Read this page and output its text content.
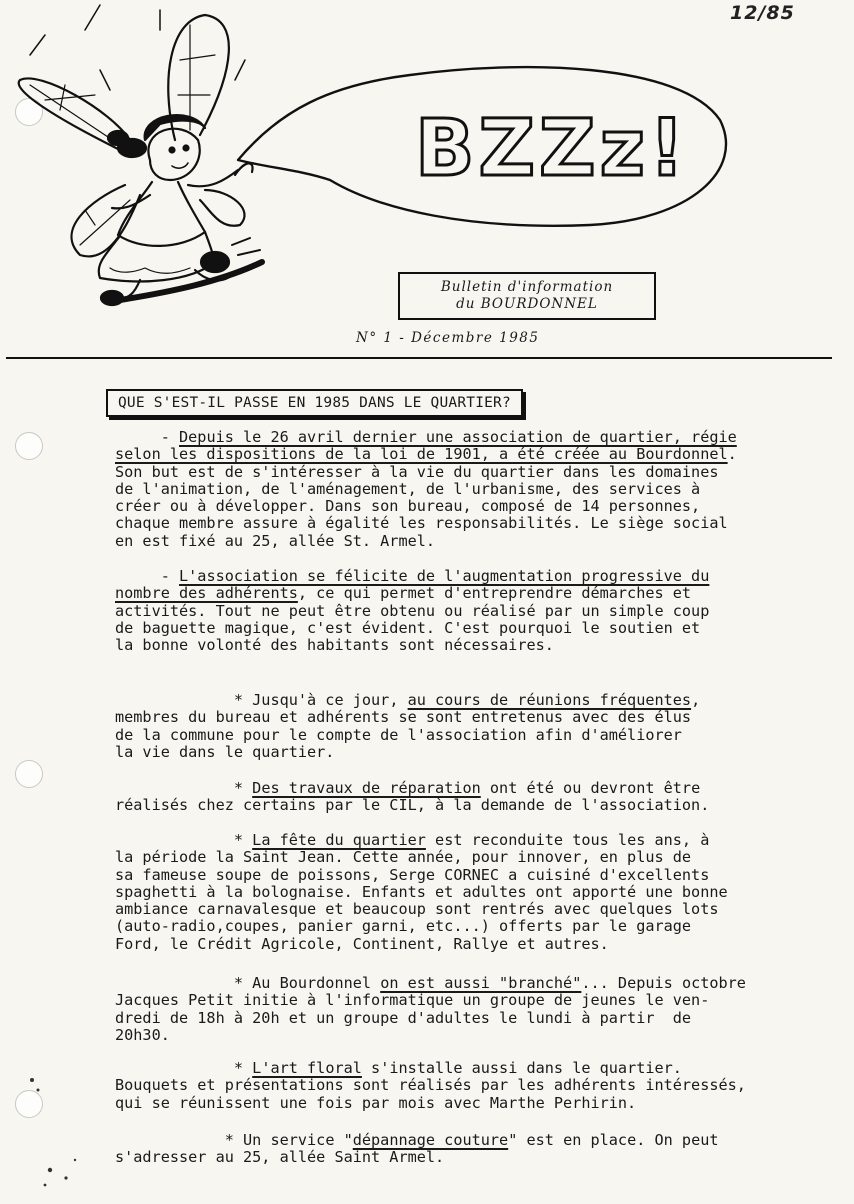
12/85
BZZz!
Bulletin d'information
du BOURDONNEL
N° 1 - Décembre 1985
QUE S'EST-IL PASSE EN 1985 DANS LE QUARTIER?
- Depuis le 26 avril dernier une association de quartier, régie
selon les dispositions de la loi de 1901, a été créée au Bourdonnel.
Son but est de s'intéresser à la vie du quartier dans les domaines
de l'animation, de l'aménagement, de l'urbanisme, des services à
créer ou à développer. Dans son bureau, composé de 14 personnes,
chaque membre assure à égalité les responsabilités. Le siège social
en est fixé au 25, allée St. Armel.
- L'association se félicite de l'augmentation progressive du
nombre des adhérents, ce qui permet d'entreprendre démarches et
activités. Tout ne peut être obtenu ou réalisé par un simple coup
de baguette magique, c'est évident. C'est pourquoi le soutien et
la bonne volonté des habitants sont nécessaires.
* Jusqu'à ce jour, au cours de réunions fréquentes,
membres du bureau et adhérents se sont entretenus avec des élus
de la commune pour le compte de l'association afin d'améliorer
la vie dans le quartier.
* Des travaux de réparation ont été ou devront être
réalisés chez certains par le CIL, à la demande de l'association.
* La fête du quartier est reconduite tous les ans, à
la période la Saint Jean. Cette année, pour innover, en plus de
sa fameuse soupe de poissons, Serge CORNEC a cuisiné d'excellents
spaghetti à la bolognaise. Enfants et adultes ont apporté une bonne
ambiance carnavalesque et beaucoup sont rentrés avec quelques lots
(auto-radio,coupes, panier garni, etc...) offerts par le garage
Ford, le Crédit Agricole, Continent, Rallye et autres.
* Au Bourdonnel on est aussi "branché"... Depuis octobre
Jacques Petit initie à l'informatique un groupe de jeunes le ven-
dredi de 18h à 20h et un groupe d'adultes le lundi à partir  de
20h30.
* L'art floral s'installe aussi dans le quartier.
Bouquets et présentations sont réalisés par les adhérents intéressés,
qui se réunissent une fois par mois avec Marthe Perhirin.
* Un service "dépannage couture" est en place. On peut
s'adresser au 25, allée Saint Armel.
